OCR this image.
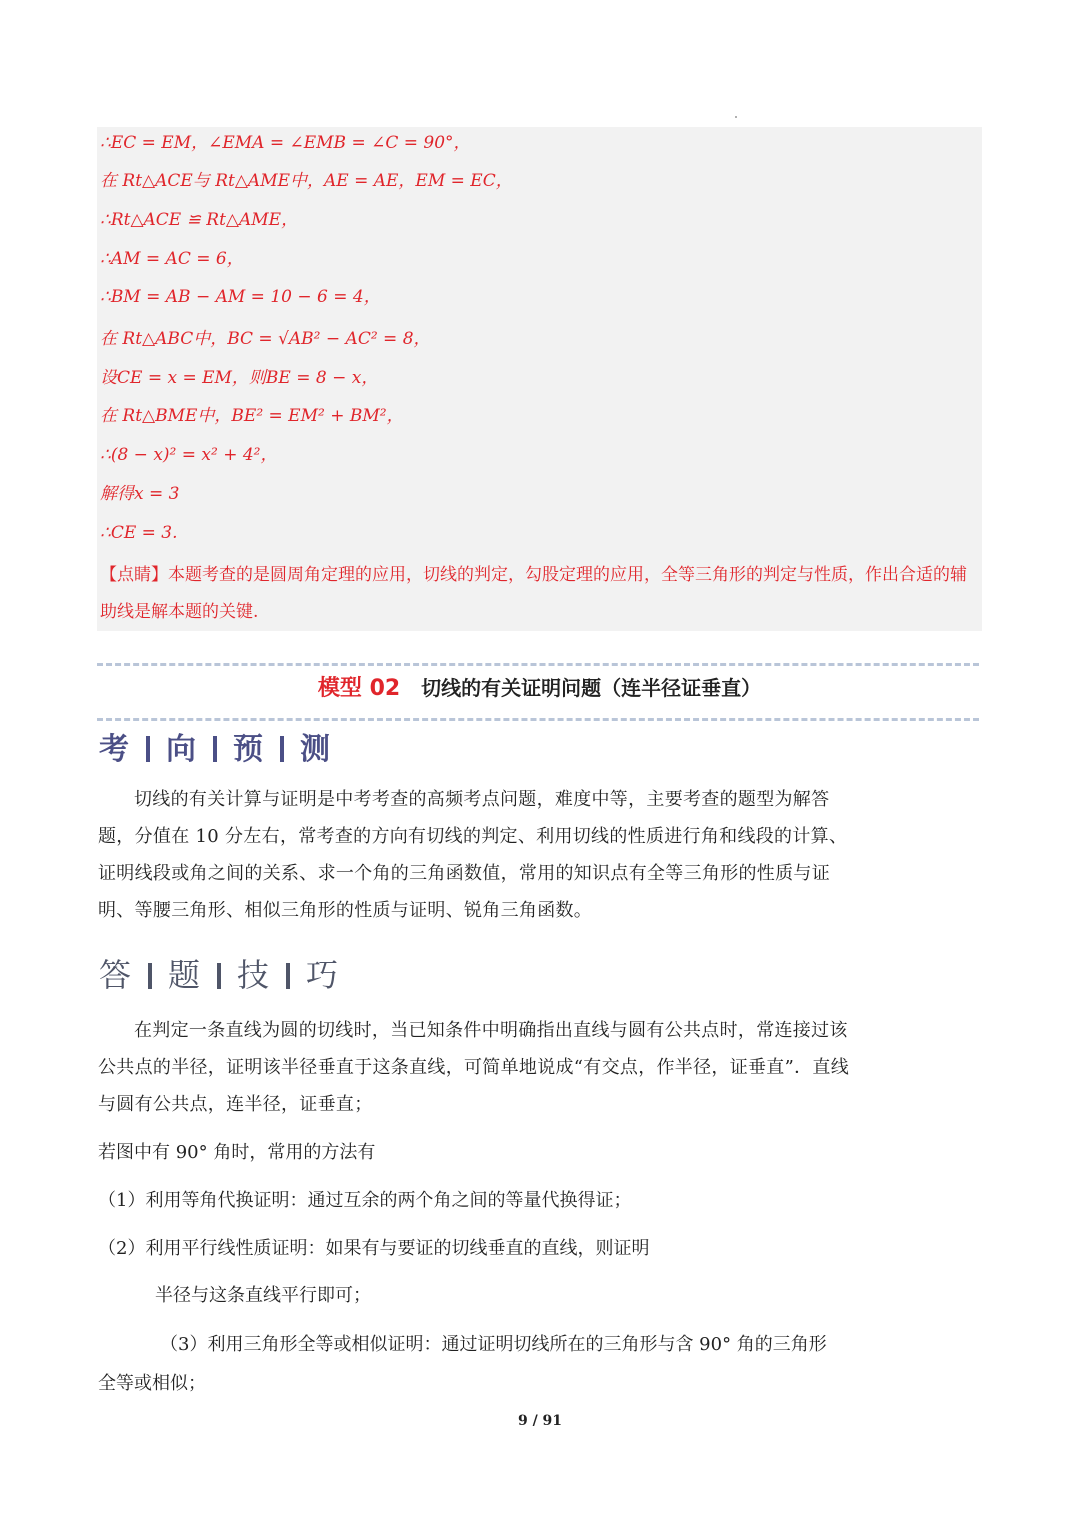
∴EC = EM，∠EMA = ∠EMB = ∠C = 90°，
在 Rt△ACE与 Rt△AME中，AE = AE，EM = EC，
∴Rt△ACE ≌ Rt△AME，
∴AM = AC = 6，
∴BM = AB − AM = 10 − 6 = 4，
在 Rt△ABC中，BC = √AB² − AC² = 8，
设CE = x = EM，则BE = 8 − x，
在 Rt△BME中，BE² = EM² + BM²，
∴(8 − x)² = x² + 4²，
解得x = 3
∴CE = 3.
【点睛】本题考查的是圆周角定理的应用，切线的判定，勾股定理的应用，全等三角形的判定与性质，作出合适的辅助线是解本题的关键.
模型 02 切线的有关证明问题（连半径证垂直）
考 向 预 测
切线的有关计算与证明是中考考查的高频考点问题，难度中等，主要考查的题型为解答题，分值在 10 分左右，常考查的方向有切线的判定、利用切线的性质进行角和线段的计算、证明线段或角之间的关系、求一个角的三角函数值，常用的知识点有全等三角形的性质与证明、等腰三角形、相似三角形的性质与证明、锐角三角函数。
答 题 技 巧
在判定一条直线为圆的切线时，当已知条件中明确指出直线与圆有公共点时，常连接过该公共点的半径，证明该半径垂直于这条直线，可简单地说成“有交点，作半径，证垂直”．直线与圆有公共点，连半径，证垂直；
若图中有 90° 角时，常用的方法有
（1）利用等角代换证明：通过互余的两个角之间的等量代换得证；
（2）利用平行线性质证明：如果有与要证的切线垂直的直线，则证明
半径与这条直线平行即可；
（3）利用三角形全等或相似证明：通过证明切线所在的三角形与含 90° 角的三角形
全等或相似；
9 / 91
